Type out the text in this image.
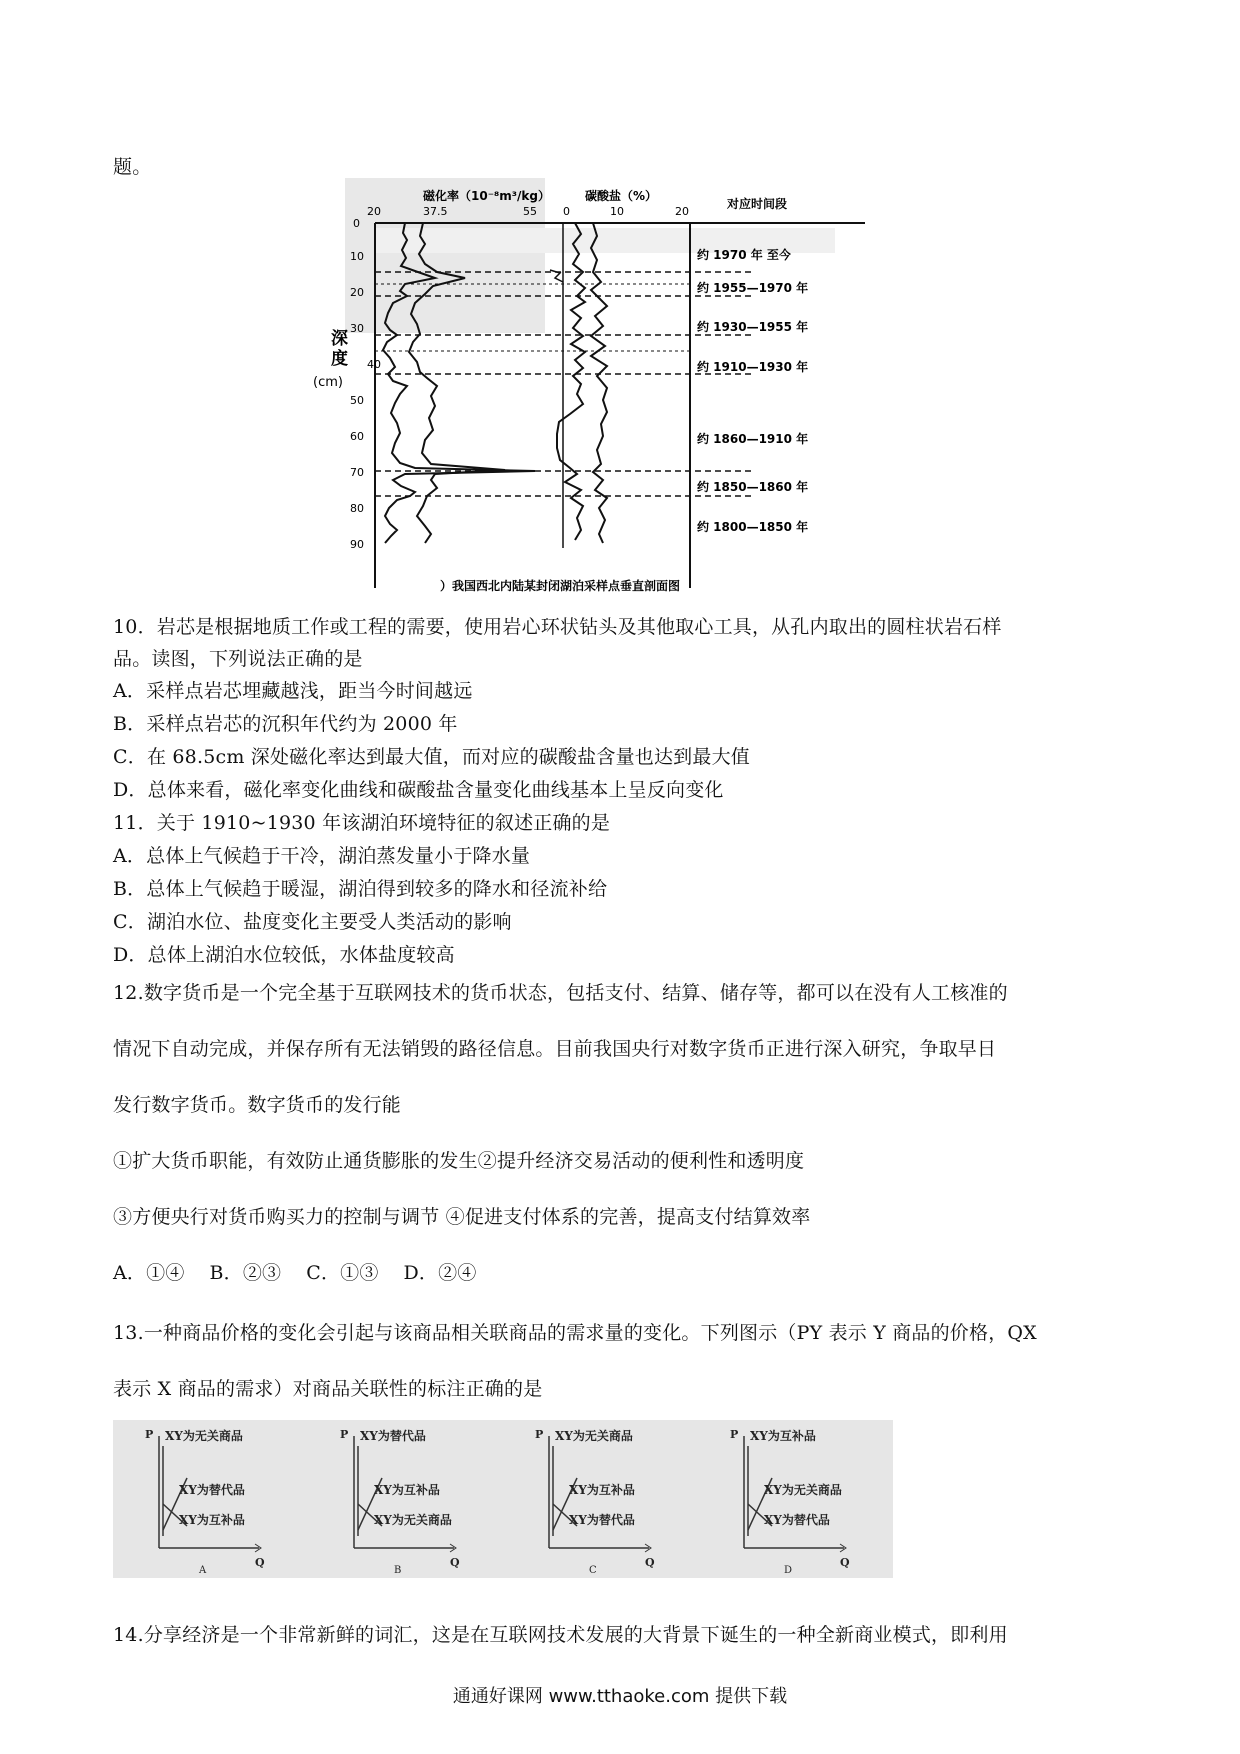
题。
磁化率（10⁻⁸m³/kg）
20	37.5	55
碳酸盐（%）
0	10	20
对应时间段
0
10
20
30
40
50
60
70
80
90
深
度
(cm)
约 1970 年 至今
约 1955—1970 年
约 1930—1955 年
约 1910—1930 年
约 1860—1910 年
约 1850—1860 年
约 1800—1850 年
）我国西北内陆某封闭湖泊采样点垂直剖面图
10．岩芯是根据地质工作或工程的需要，使用岩心环状钻头及其他取心工具，从孔内取出的圆柱状岩石样
品。读图，下列说法正确的是
A．采样点岩芯埋藏越浅，距当今时间越远
B．采样点岩芯的沉积年代约为 2000 年
C．在 68.5cm 深处磁化率达到最大值，而对应的碳酸盐含量也达到最大值
D．总体来看，磁化率变化曲线和碳酸盐含量变化曲线基本上呈反向变化
11．关于 1910~1930 年该湖泊环境特征的叙述正确的是
A．总体上气候趋于干冷，湖泊蒸发量小于降水量
B．总体上气候趋于暖湿，湖泊得到较多的降水和径流补给
C．湖泊水位、盐度变化主要受人类活动的影响
D．总体上湖泊水位较低，水体盐度较高
12.数字货币是一个完全基于互联网技术的货币状态，包括支付、结算、储存等，都可以在没有人工核准的
情况下自动完成，并保存所有无法销毁的路径信息。目前我国央行对数字货币正进行深入研究，争取早日
发行数字货币。数字货币的发行能
①扩大货币职能，有效防止通货膨胀的发生②提升经济交易活动的便利性和透明度
③方便央行对货币购买力的控制与调节 ④促进支付体系的完善，提高支付结算效率
A．①④    B．②③    C．①③    D．②④
13.一种商品价格的变化会引起与该商品相关联商品的需求量的变化。下列图示（PY 表示 Y 商品的价格，QX
表示 X 商品的需求）对商品关联性的标注正确的是
P XY为无关商品
XY为替代品
XY为互补品
Q
A
P XY为替代品
XY为互补品
XY为无关商品
Q
B
P XY为无关商品
XY为互补品
XY为替代品
Q
C
P XY为互补品
XY为无关商品
XY为替代品
Q
D
14.分享经济是一个非常新鲜的词汇，这是在互联网技术发展的大背景下诞生的一种全新商业模式，即利用
通通好课网 www.tthaoke.com 提供下载
